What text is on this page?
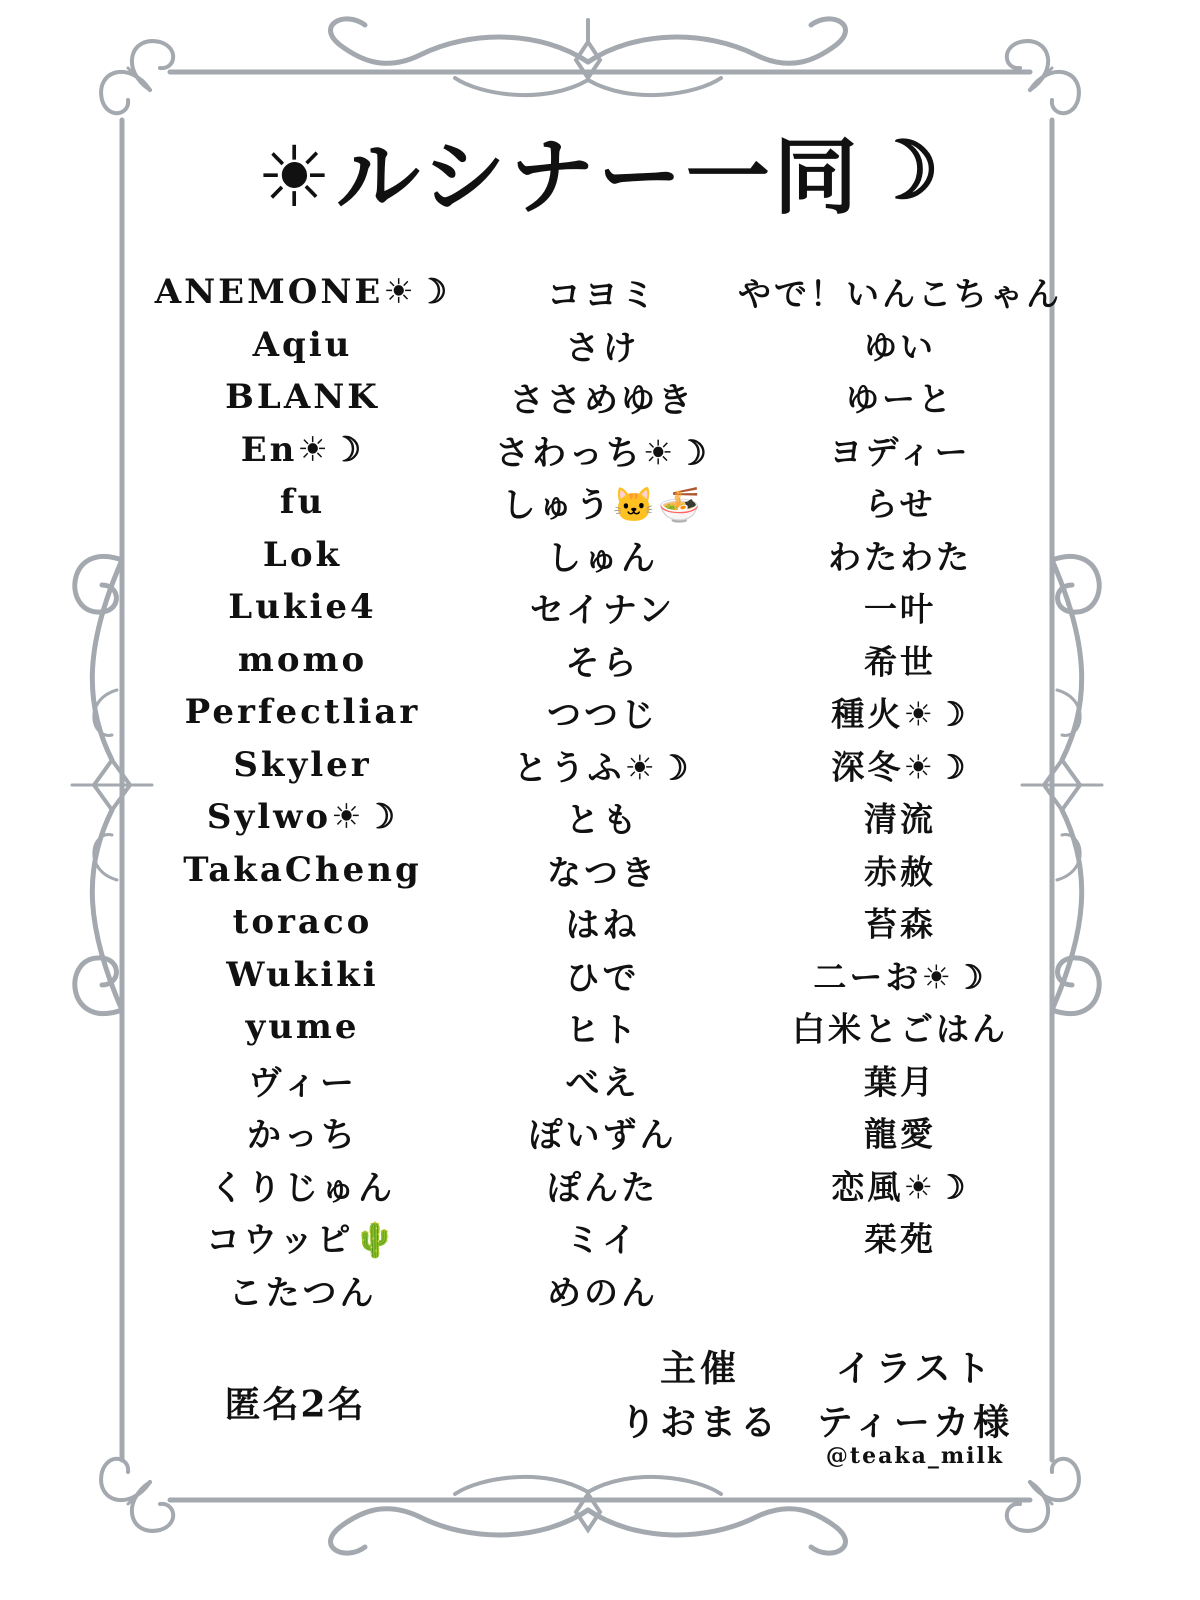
☀ルシナー一同 ☽
ANEMONE☀☽
Aqiu
BLANK
En☀☽
fu
Lok
Lukie4
momo
Perfectliar
Skyler
Sylwo☀☽
TakaCheng
toraco
Wukiki
yume
ヴィー
かっち
くりじゅん
コウッピ🌵
こたつん
コヨミ
さけ
ささめゆき
さわっち☀☽
しゅう🐱🍜
しゅん
セイナン
そら
つつじ
とうふ☀☽
とも
なつき
はね
ひで
ヒト
べえ
ぽいずん
ぽんた
ミイ
めのん
やで！いんこちゃん
ゆい
ゆーと
ヨディー
らせ
わたわた
一叶
希世
種火☀☽
深冬☀☽
清流
赤赦
苔森
二ーお☀☽
白米とごはん
葉月
龍愛
恋風☀☽
栞苑
匿名2名
主催
りおまる
イラスト
ティーカ様
@teaka_milk
